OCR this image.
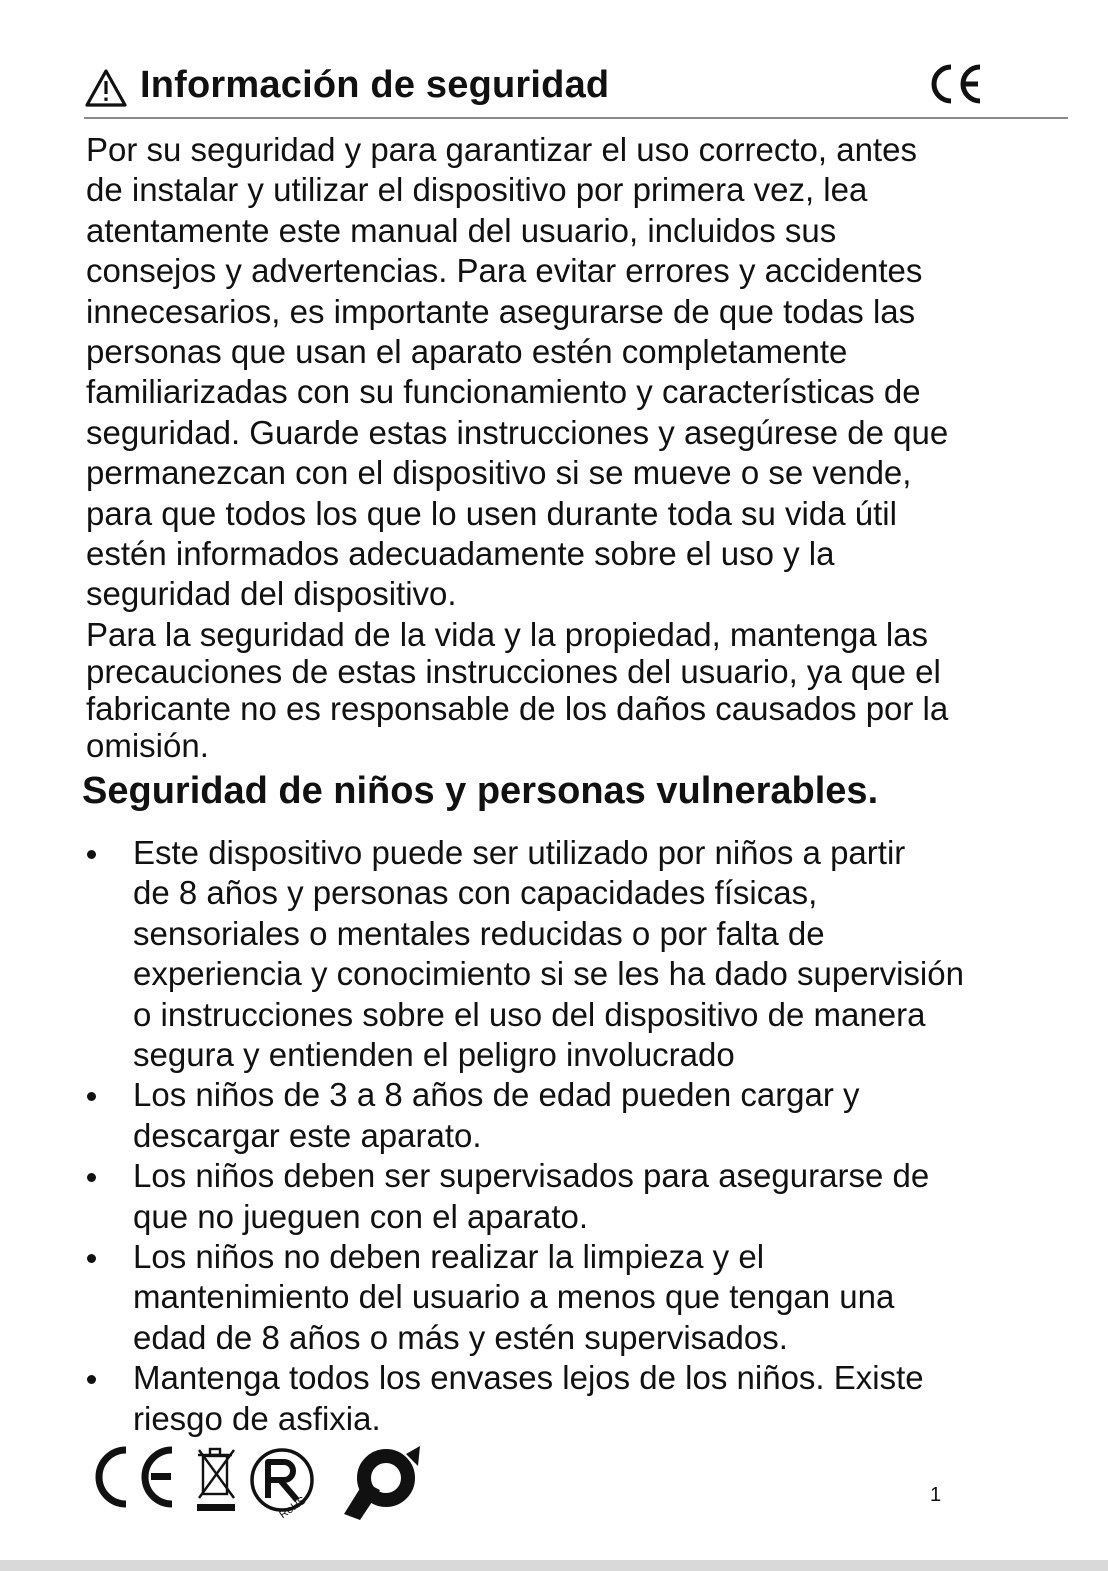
Información de seguridad

Por su seguridad y para garantizar el uso correcto, antes
de instalar y utilizar el dispositivo por primera vez, lea
atentamente este manual del usuario, incluidos sus
consejos y advertencias. Para evitar errores y accidentes
innecesarios, es importante asegurarse de que todas las
personas que usan el aparato estén completamente
familiarizadas con su funcionamiento y características de
seguridad. Guarde estas instrucciones y asegúrese de que
permanezcan con el dispositivo si se mueve o se vende,
para que todos los que lo usen durante toda su vida útil
estén informados adecuadamente sobre el uso y la
seguridad del dispositivo.

Para la seguridad de la vida y la propiedad, mantenga las
precauciones de estas instrucciones del usuario, ya que el
fabricante no es responsable de los daños causados por la
omisión.

Seguridad de niños y personas vulnerables.
Este dispositivo puede ser utilizado por niños a partir
de 8 años y personas con capacidades físicas,
sensoriales o mentales reducidas o por falta de
experiencia y conocimiento si se les ha dado supervisión
o instrucciones sobre el uso del dispositivo de manera
segura y entienden el peligro involucrado
Los niños de 3 a 8 años de edad pueden cargar y
descargar este aparato.
Los niños deben ser supervisados para asegurarse de
que no jueguen con el aparato.
Los niños no deben realizar la limpieza y el
mantenimiento del usuario a menos que tengan una
edad de 8 años o más y estén supervisados.
Mantenga todos los envases lejos de los niños. Existe
riesgo de asfixia.
RoHS	1
